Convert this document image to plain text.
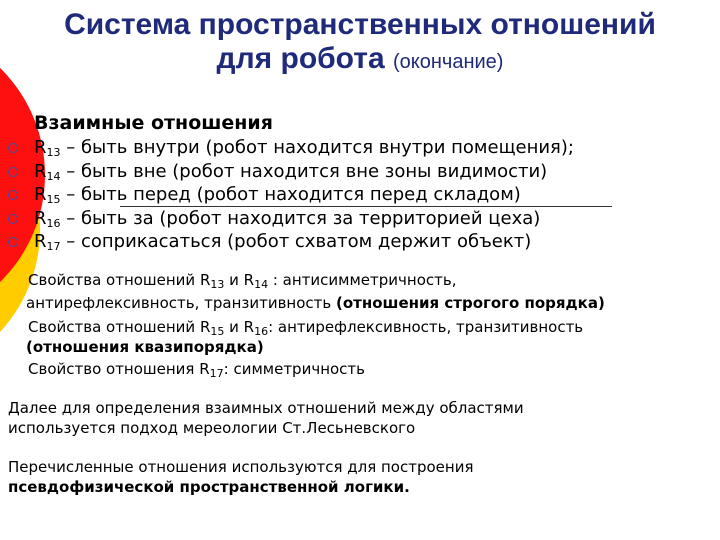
Система пространственных отношений
для робота (окончание)
Взаимные отношения
$R_{13}$ – быть внутри (робот находится внутри помещения);
$R_{14}$ – быть вне (робот находится вне зоны видимости)
$R_{15}$ – быть перед (робот находится перед складом)
$R_{16}$ – быть за (робот находится за территорией цеха)
$R_{17}$ – соприкасаться (робот схватом держит объект)
Свойства отношений $R_{13}$ и $R_{14}$ : антисимметричность,
антирефлексивность, транзитивность (отношения строгого порядка)
Свойства отношений $R_{15}$ и $R_{16}$: антирефлексивность, транзитивность
(отношения квазипорядка)
Свойство отношения $R_{17}$: симметричность
Далее для определения взаимных отношений между областями
используется подход мереологии Ст.Лесьневского
Перечисленные отношения используются для построения
псевдофизической пространственной логики.
